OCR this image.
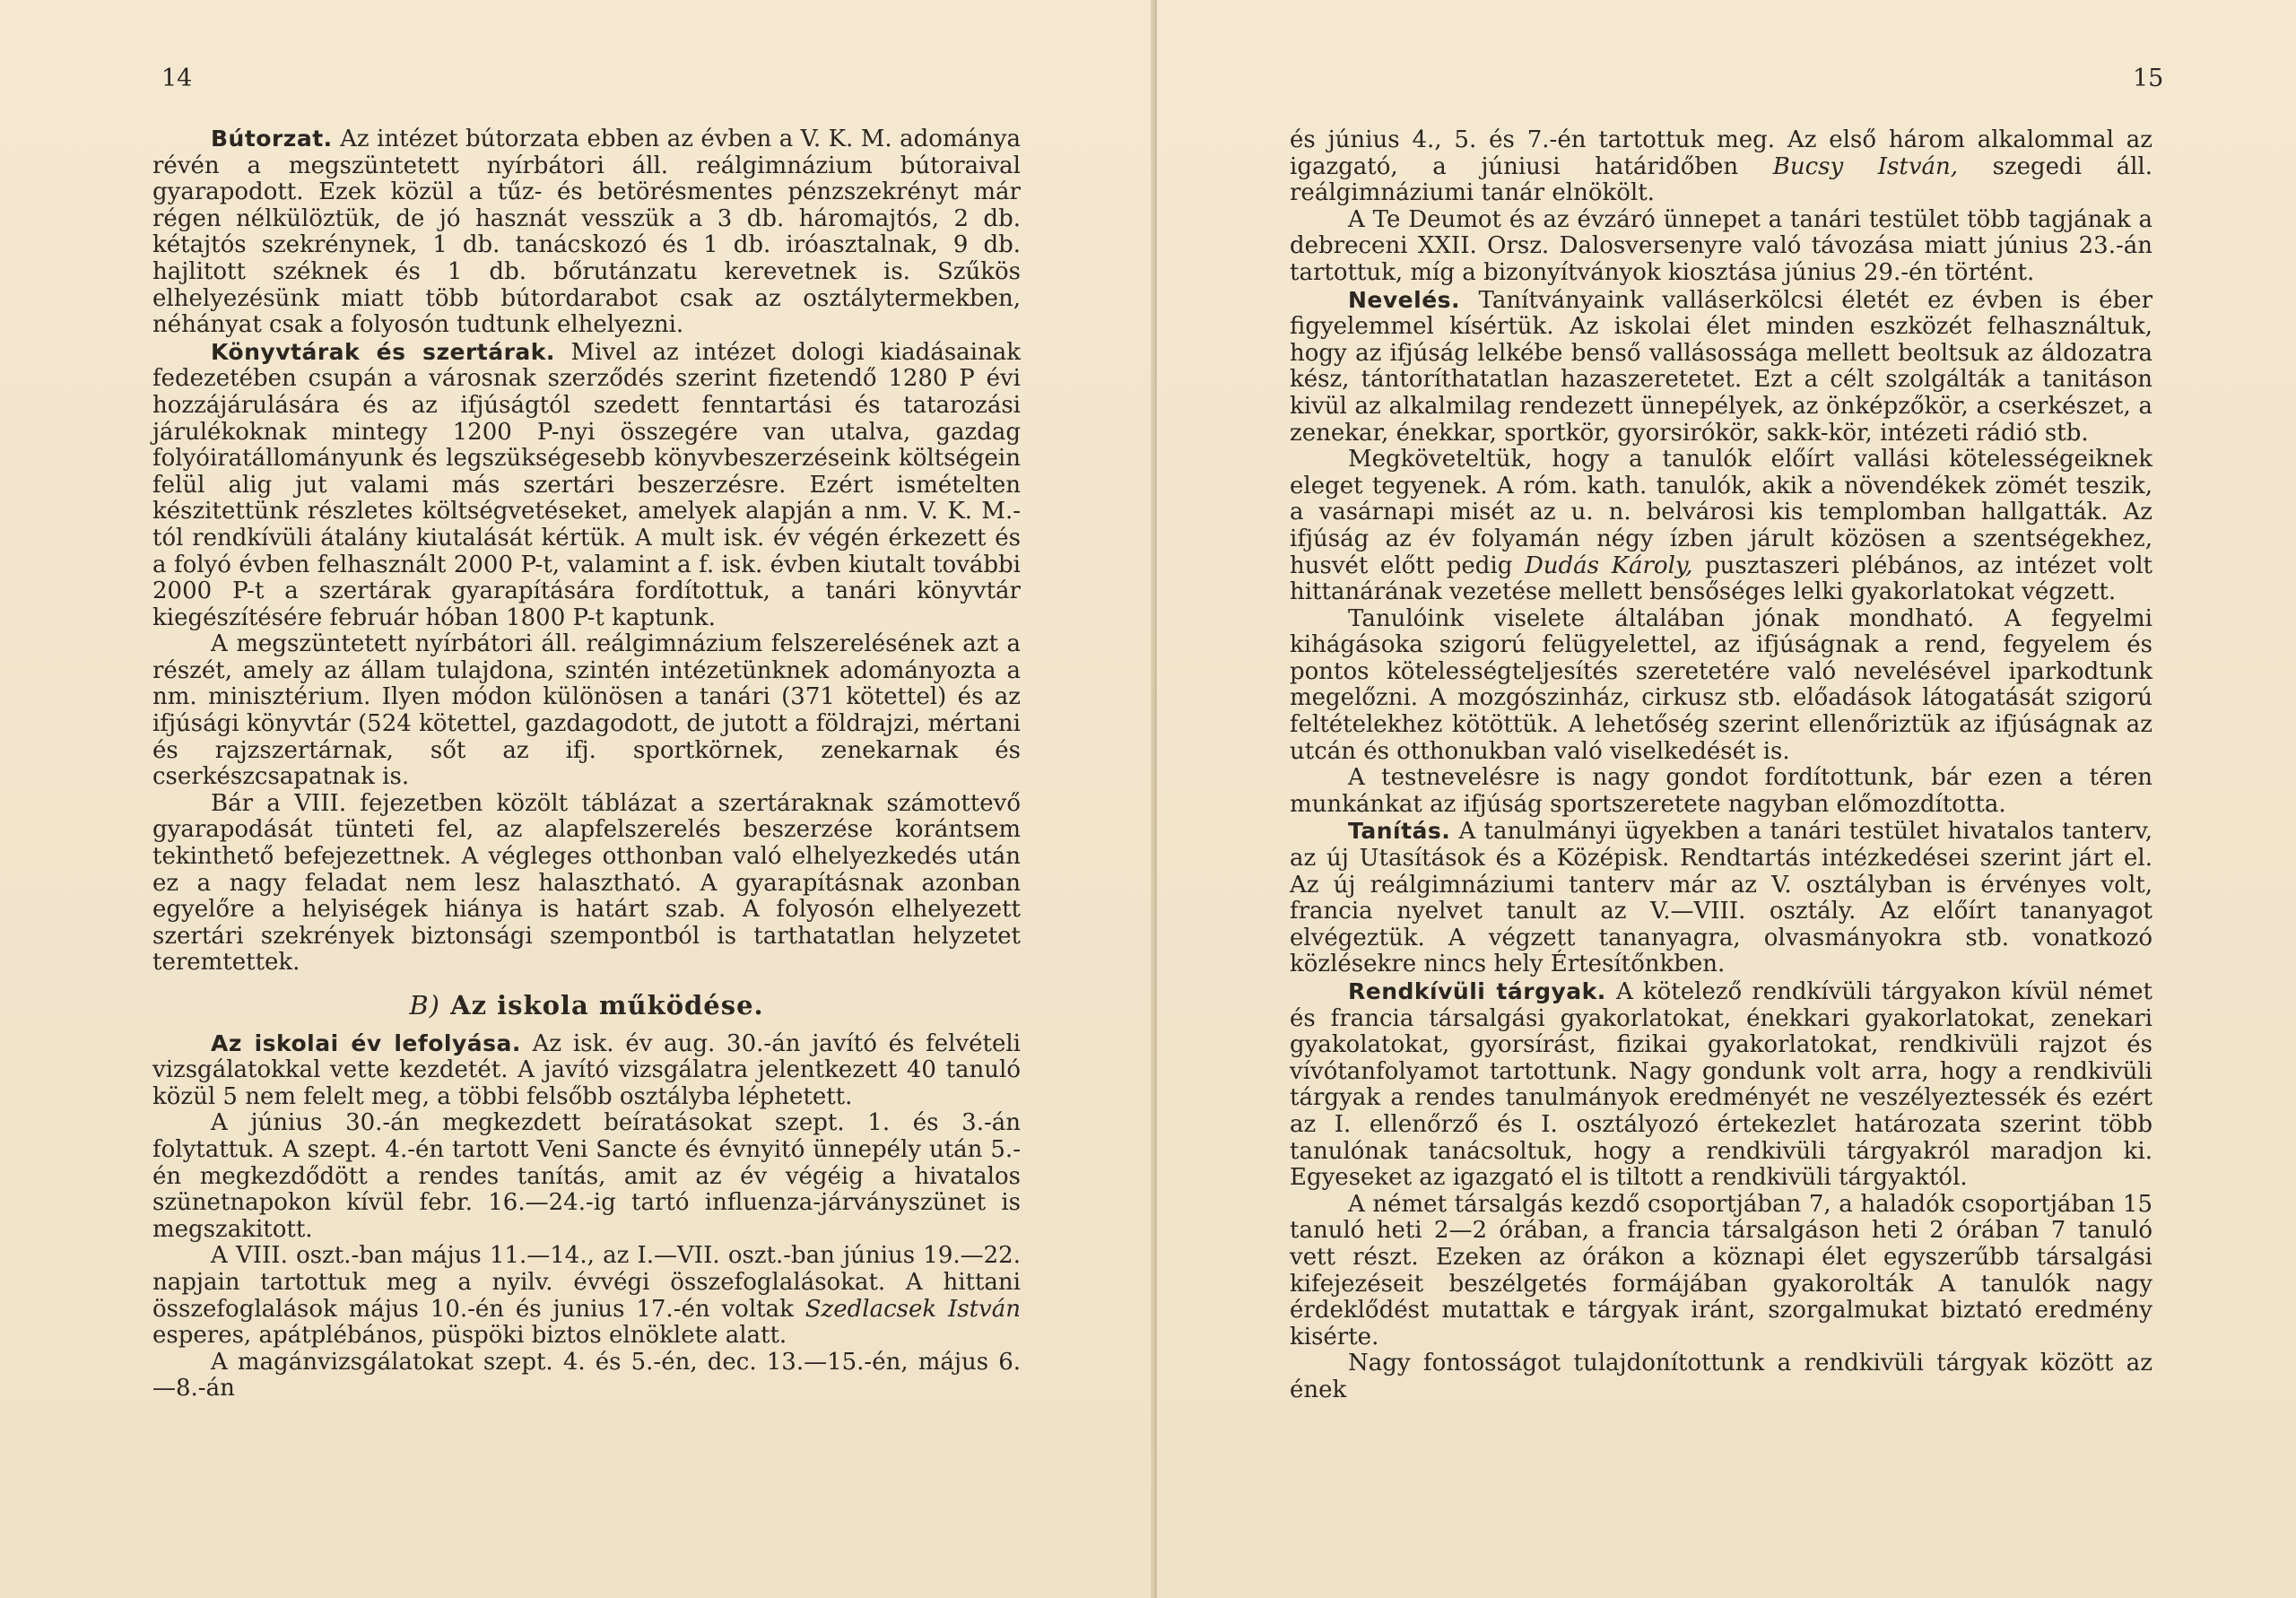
14

Bútorzat. Az intézet bútorzata ebben az évben a V. K. M. adománya révén a megszüntetett nyírbátori áll. reálgimnázium bútoraival gyarapodott. Ezek közül a tűz- és betörésmentes pénzszekrényt már régen nélkülöztük, de jó hasznát vesszük a 3 db. háromajtós, 2 db. kétajtós szekrénynek, 1 db. tanácskozó és 1 db. iróasztalnak, 9 db. hajlitott széknek és 1 db. bőrutánzatu kerevetnek is. Szűkös elhelyezésünk miatt több bútordarabot csak az osztálytermekben, néhányat csak a folyosón tudtunk elhelyezni.

Könyvtárak és szertárak. Mivel az intézet dologi kiadásainak fedezetében csupán a városnak szerződés szerint fizetendő 1280 P évi hozzájárulására és az ifjúságtól szedett fenntartási és tatarozási járulékoknak mintegy 1200 P-nyi összegére van utalva, gazdag folyóiratállományunk és legszükségesebb könyvbeszerzéseink költségein felül alig jut valami más szertári beszerzésre. Ezért ismételten készitettünk részletes költségvetéseket, amelyek alapján a nm. V. K. M.-tól rendkívüli átalány kiutalását kértük. A mult isk. év végén érkezett és a folyó évben felhasznált 2000 P-t, valamint a f. isk. évben kiutalt további 2000 P-t a szertárak gyarapítására fordítottuk, a tanári könyvtár kiegészítésére február hóban 1800 P-t kaptunk.

A megszüntetett nyírbátori áll. reálgimnázium felszerelésének azt a részét, amely az állam tulajdona, szintén intézetünknek adományozta a nm. minisztérium. Ilyen módon különösen a tanári (371 kötettel) és az ifjúsági könyvtár (524 kötettel, gazdagodott, de jutott a földrajzi, mértani és rajzszertárnak, sőt az ifj. sportkörnek, zenekarnak és cserkészcsapatnak is.

Bár a VIII. fejezetben közölt táblázat a szertáraknak számottevő gyarapodását tünteti fel, az alapfelszerelés beszerzése korántsem tekinthető befejezettnek. A végleges otthonban való elhelyezkedés után ez a nagy feladat nem lesz halasztható. A gyarapításnak azonban egyelőre a helyiségek hiánya is határt szab. A folyosón elhelyezett szertári szekrények biztonsági szempontból is tarthatatlan helyzetet teremtettek.

B) Az iskola működése.

Az iskolai év lefolyása. Az isk. év aug. 30.-án javító és felvételi vizsgálatokkal vette kezdetét. A javító vizsgálatra jelentkezett 40 tanuló közül 5 nem felelt meg, a többi felsőbb osztályba léphetett.

A június 30.-án megkezdett beíratásokat szept. 1. és 3.-án folytattuk. A szept. 4.-én tartott Veni Sancte és évnyitó ünnepély után 5.-én megkezdődött a rendes tanítás, amit az év végéig a hivatalos szünetnapokon kívül febr. 16.—24.-ig tartó influenza-járványszünet is megszakitott.

A VIII. oszt.-ban május 11.—14., az I.—VII. oszt.-ban június 19.—22. napjain tartottuk meg a nyilv. évvégi összefoglalásokat. A hittani összefoglalások május 10.-én és junius 17.-én voltak Szedlacsek István esperes, apátplébános, püspöki biztos elnöklete alatt.

A magánvizsgálatokat szept. 4. és 5.-én, dec. 13.—15.-én, május 6.—8.-án

15

és június 4., 5. és 7.-én tartottuk meg. Az első három alkalommal az igazgató, a júniusi határidőben Bucsy István, szegedi áll. reálgimnáziumi tanár elnökölt.

A Te Deumot és az évzáró ünnepet a tanári testület több tagjának a debreceni XXII. Orsz. Dalosversenyre való távozása miatt június 23.-án tartottuk, míg a bizonyítványok kiosztása június 29.-én történt.

Nevelés. Tanítványaink valláserkölcsi életét ez évben is éber figyelemmel kísértük. Az iskolai élet minden eszközét felhasználtuk, hogy az ifjúság lelkébe benső vallásossága mellett beoltsuk az áldozatra kész, tántoríthatatlan hazaszeretetet. Ezt a célt szolgálták a tanitáson kivül az alkalmilag rendezett ünnepélyek, az önképzőkör, a cserkészet, a zenekar, énekkar, sportkör, gyorsirókör, sakk-kör, intézeti rádió stb.

Megköveteltük, hogy a tanulók előírt vallási kötelességeiknek eleget tegyenek. A róm. kath. tanulók, akik a növendékek zömét teszik, a vasárnapi misét az u. n. belvárosi kis templomban hallgatták. Az ifjúság az év folyamán négy ízben járult közösen a szentségekhez, husvét előtt pedig Dudás Károly, pusztaszeri plébános, az intézet volt hittanárának vezetése mellett bensőséges lelki gyakorlatokat végzett.

Tanulóink viselete általában jónak mondható. A fegyelmi kihágásoka szigorú felügyelettel, az ifjúságnak a rend, fegyelem és pontos kötelességteljesítés szeretetére való nevelésével iparkodtunk megelőzni. A mozgószinház, cirkusz stb. előadások látogatását szigorú feltételekhez kötöttük. A lehetőség szerint ellenőriztük az ifjúságnak az utcán és otthonukban való viselkedését is.

A testnevelésre is nagy gondot fordítottunk, bár ezen a téren munkánkat az ifjúság sportszeretete nagyban előmozdította.

Tanítás. A tanulmányi ügyekben a tanári testület hivatalos tanterv, az új Utasítások és a Középisk. Rendtartás intézkedései szerint járt el. Az új reálgimnáziumi tanterv már az V. osztályban is érvényes volt, francia nyelvet tanult az V.—VIII. osztály. Az előírt tananyagot elvégeztük. A végzett tananyagra, olvasmányokra stb. vonatkozó közlésekre nincs hely Értesítőnkben.

Rendkívüli tárgyak. A kötelező rendkívüli tárgyakon kívül német és francia társalgási gyakorlatokat, énekkari gyakorlatokat, zenekari gyakolatokat, gyorsírást, fizikai gyakorlatokat, rendkivüli rajzot és vívótanfolyamot tartottunk. Nagy gondunk volt arra, hogy a rendkivüli tárgyak a rendes tanulmányok eredményét ne veszélyeztessék és ezért az I. ellenőrző és I. osztályozó értekezlet határozata szerint több tanulónak tanácsoltuk, hogy a rendkivüli tárgyakról maradjon ki. Egyeseket az igazgató el is tiltott a rendkivüli tárgyaktól.

A német társalgás kezdő csoportjában 7, a haladók csoportjában 15 tanuló heti 2—2 órában, a francia társalgáson heti 2 órában 7 tanuló vett részt. Ezeken az órákon a köznapi élet egyszerűbb társalgási kifejezéseit beszélgetés formájában gyakorolták A tanulók nagy érdeklődést mutattak e tárgyak iránt, szorgalmukat biztató eredmény kisérte.

Nagy fontosságot tulajdonítottunk a rendkivüli tárgyak között az ének
